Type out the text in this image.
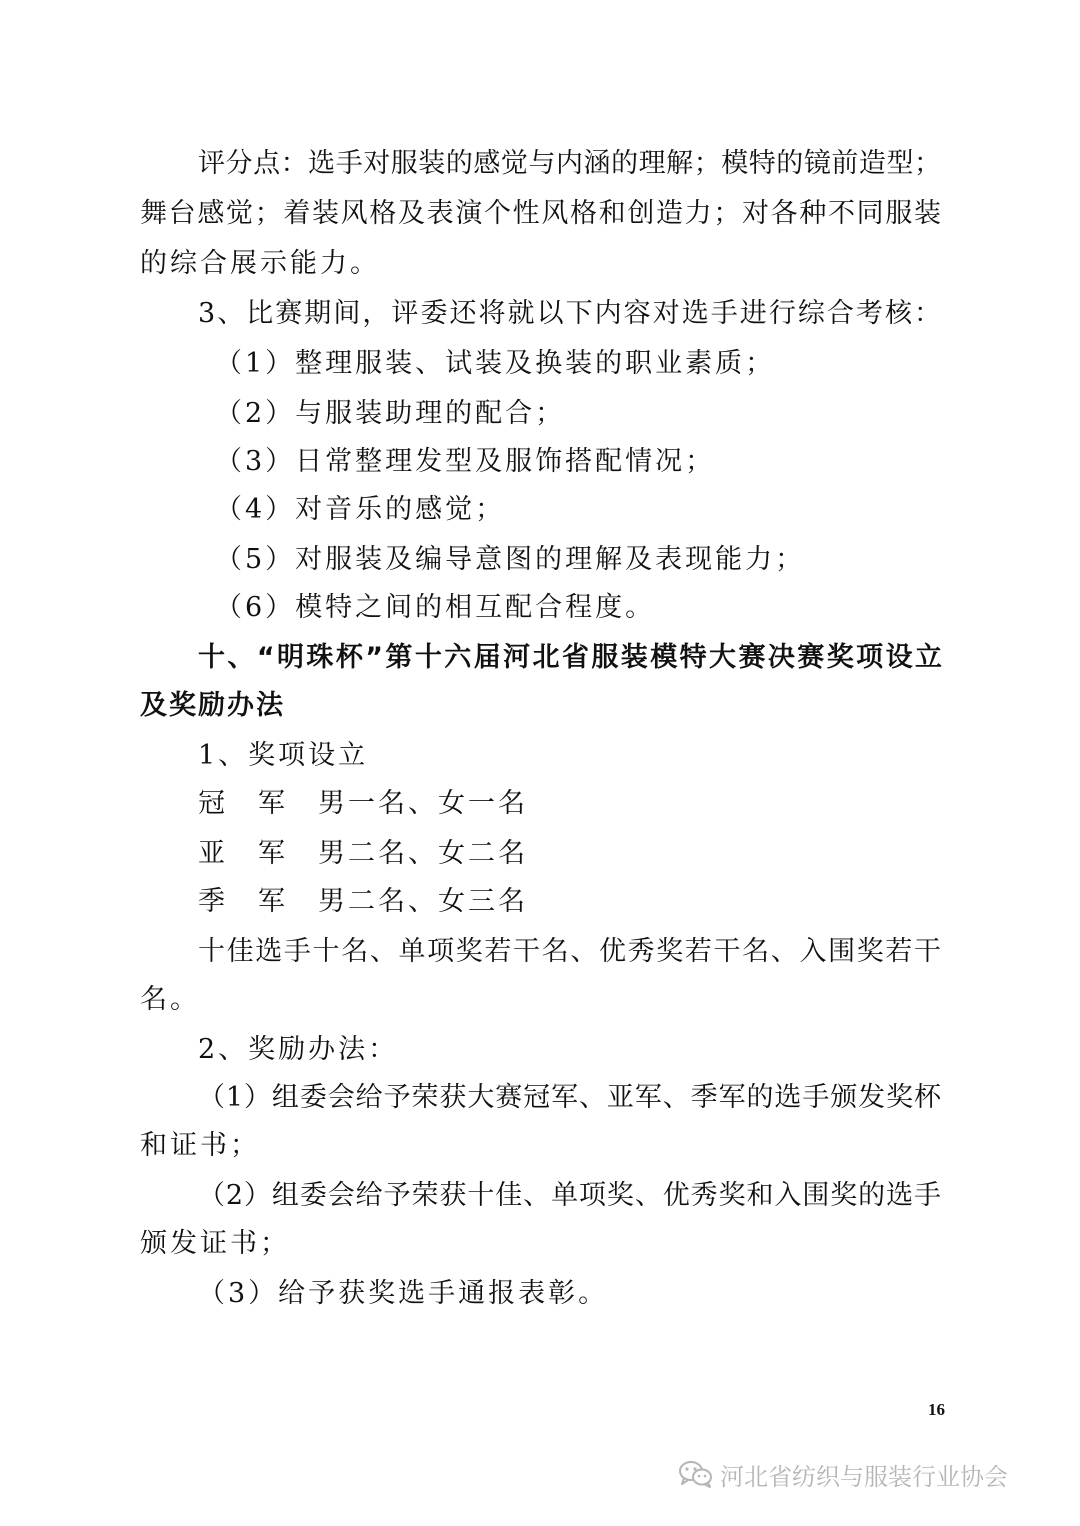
评分点：选手对服装的感觉与内涵的理解；模特的镜前造型；
舞台感觉；着装风格及表演个性风格和创造力；对各种不同服装
的综合展示能力。
3、比赛期间，评委还将就以下内容对选手进行综合考核：
（1）整理服装、试装及换装的职业素质；
（2）与服装助理的配合；
（3）日常整理发型及服饰搭配情况；
（4）对音乐的感觉；
（5）对服装及编导意图的理解及表现能力；
（6）模特之间的相互配合程度。
十、“明珠杯”第十六届河北省服装模特大赛决赛奖项设立
及奖励办法
1、奖项设立
冠　军　男一名、女一名
亚　军　男二名、女二名
季　军　男二名、女三名
十佳选手十名、单项奖若干名、优秀奖若干名、入围奖若干
名。
2、奖励办法：
（1）组委会给予荣获大赛冠军、亚军、季军的选手颁发奖杯
和证书；
（2）组委会给予荣获十佳、单项奖、优秀奖和入围奖的选手
颁发证书；
（3）给予获奖选手通报表彰。
16
河北省纺织与服装行业协会
